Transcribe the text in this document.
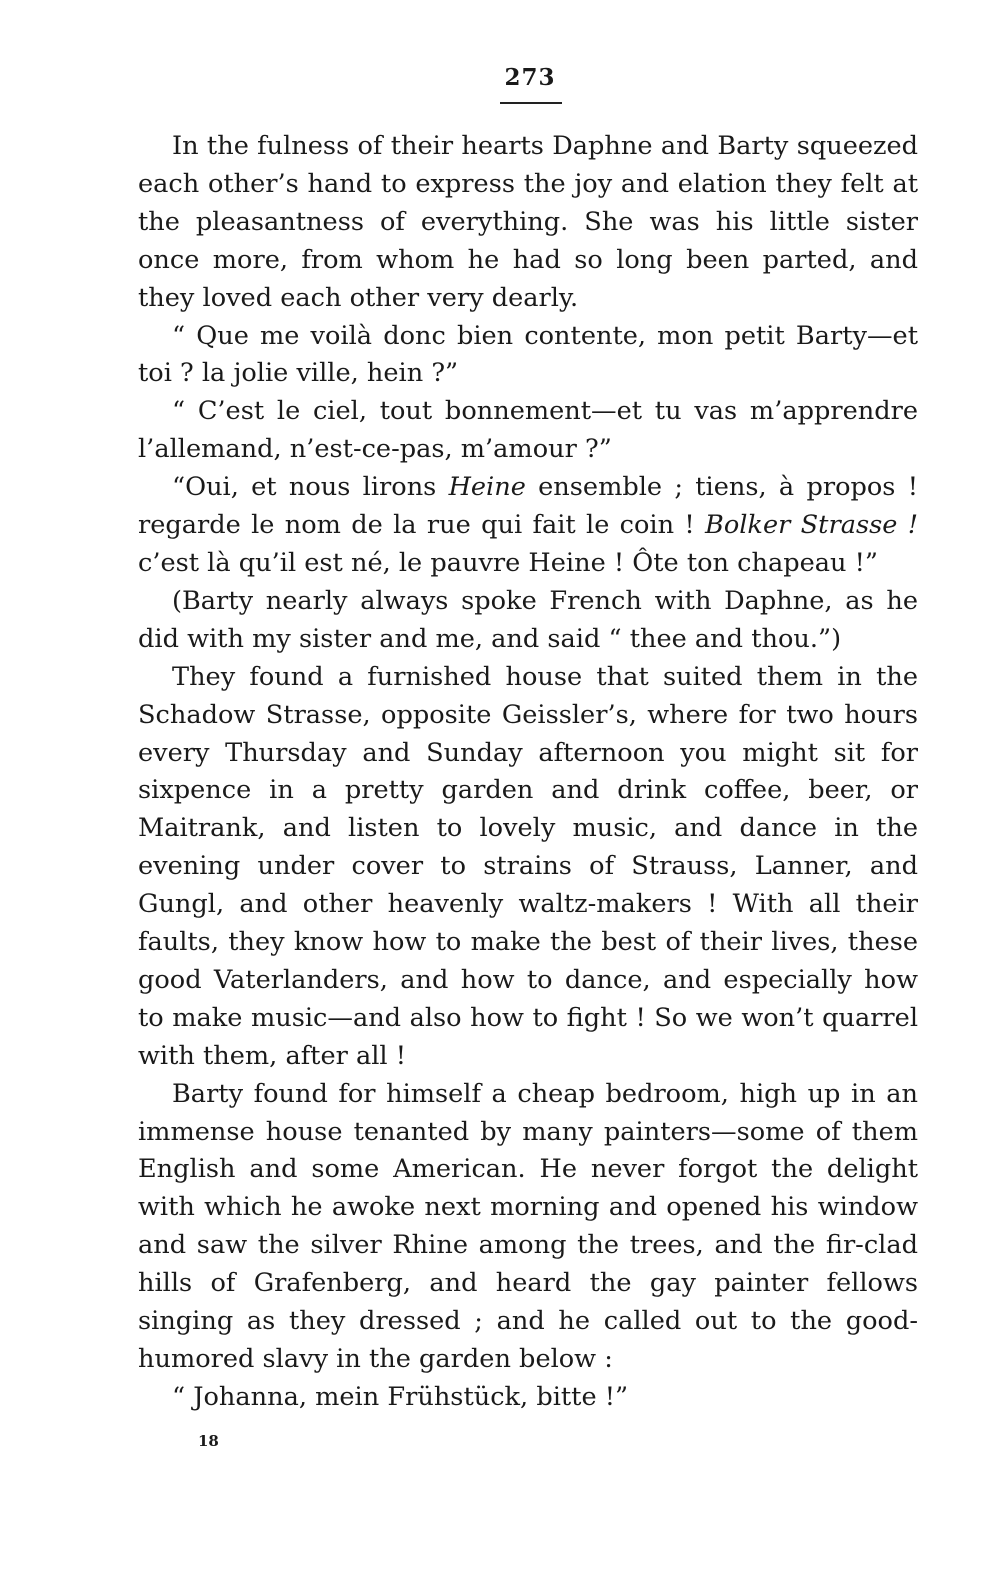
273

In the fulness of their hearts Daphne and Barty squeezed each other’s hand to express the joy and elation they felt at the pleasantness of everything. She was his little sister once more, from whom he had so long been parted, and they loved each other very dearly.

“ Que me voilà donc bien contente, mon petit Barty—et toi ? la jolie ville, hein ?”

“ C’est le ciel, tout bonnement—et tu vas m’apprendre l’allemand, n’est-ce-pas, m’amour ?”

“Oui, et nous lirons Heine ensemble ; tiens, à propos ! regarde le nom de la rue qui fait le coin ! Bolker Strasse ! c’est là qu’il est né, le pauvre Heine ! Ôte ton chapeau !”

(Barty nearly always spoke French with Daphne, as he did with my sister and me, and said “ thee and thou.”)

They found a furnished house that suited them in the Schadow Strasse, opposite Geissler’s, where for two hours every Thursday and Sunday afternoon you might sit for sixpence in a pretty garden and drink coffee, beer, or Maitrank, and listen to lovely music, and dance in the evening under cover to strains of Strauss, Lanner, and Gungl, and other heavenly waltz-makers ! With all their faults, they know how to make the best of their lives, these good Vaterlanders, and how to dance, and especially how to make music—and also how to fight ! So we won’t quarrel with them, after all !

Barty found for himself a cheap bedroom, high up in an immense house tenanted by many painters—some of them English and some American. He never forgot the delight with which he awoke next morning and opened his window and saw the silver Rhine among the trees, and the fir-clad hills of Grafenberg, and heard the gay painter fellows singing as they dressed ; and he called out to the good-humored slavy in the garden below :

“ Johanna, mein Frühstück, bitte !”

18
